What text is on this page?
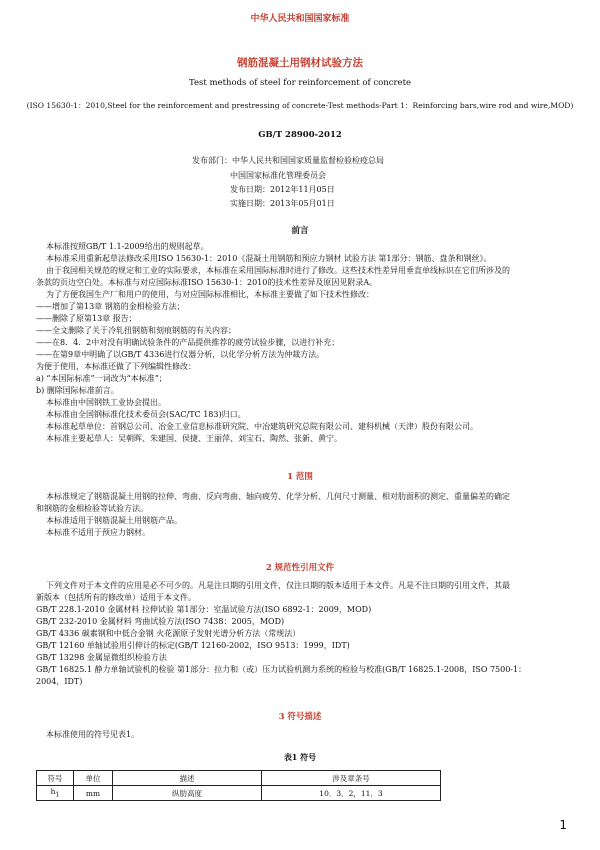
中华人民共和国国家标准
钢筋混凝土用钢材试验方法
Test methods of steel for reinforcement of concrete
(ISO 15630-1：2010,Steel for the reinforcement and prestressing of concrete-Test methods-Part 1：Reinforcing bars,wire rod and wire,MOD)
GB/T 28900-2012
发布部门：中华人民共和国国家质量监督检验检疫总局
中国国家标准化管理委员会
发布日期：2012年11月05日
实施日期：2013年05月01日
前言
本标准按照GB/T 1.1-2009给出的规则起草。
本标准采用重新起草法修改采用ISO 15630-1：2010《混凝土用钢筋和预应力钢材 试验方法 第1部分：钢筋、盘条和钢丝》。
由于我国相关规范的规定和工业的实际要求，本标准在采用国际标准时进行了修改。这些技术性差异用垂直单线标识在它们所涉及的
条款的页边空白处。本标准与对应国际标准ISO 15630-1：2010的技术性差异及原因见附录A。
为了方便我国生产厂和用户的使用，与对应国际标准相比，本标准主要做了如下技术性修改：
——增加了第13章 钢筋的金相检验方法；
——删除了原第13章 报告；
——全文删除了关于冷轧扭钢筋和刻痕钢筋的有关内容；
——在8．4．2中对没有明确试验条件的产品提供推荐的疲劳试验步骤，以进行补充；
——在第9章中明确了以GB/T 4336进行仪器分析，以化学分析方法为仲裁方法。
为便于使用，本标准还做了下列编辑性修改：
a) “本国际标准”一词改为“本标准”；
b) 删除国际标准前言。
本标准由中国钢铁工业协会提出。
本标准由全国钢标准化技术委员会(SAC/TC 183)归口。
本标准起草单位：首钢总公司、冶金工业信息标准研究院、中冶建筑研究总院有限公司、建科机械（天津）股份有限公司。
本标准主要起草人：吴朝晖、朱建国、侯捷、王丽萍、刘宝石、陶然、张新、黄宁。
1 范围
本标准规定了钢筋混凝土用钢的拉伸、弯曲、反向弯曲、轴向疲劳、化学分析、几何尺寸测量、相对肋面积的测定、重量偏差的确定
和钢筋的金相检验等试验方法。
本标准适用于钢筋混凝土用钢筋产品。
本标准不适用于预应力钢材。
2 规范性引用文件
下列文件对于本文件的应用是必不可少的。凡是注日期的引用文件，仅注日期的版本适用于本文件。凡是不注日期的引用文件，其最
新版本（包括所有的修改单）适用于本文件。
GB/T 228.1-2010 金属材料 拉伸试验 第1部分：室温试验方法(ISO 6892-1：2009，MOD)
GB/T 232-2010 金属材料 弯曲试验方法(ISO 7438：2005，MOD)
GB/T 4336 碳素钢和中低合金钢 火花源原子发射光谱分析方法（常规法）
GB/T 12160 单轴试验用引伸计的标定(GB/T 12160-2002，ISO 9513：1999，IDT)
GB/T 13298 金属显微组织检验方法
GB/T 16825.1 静力单轴试验机的检验 第1部分：拉力和（或）压力试验机测力系统的检验与校准(GB/T 16825.1-2008，ISO 7500-1：
2004，IDT)
3 符号描述
本标准使用的符号见表1。
表1 符号
符号	单位	描述	涉及章条号
$h_1$	mm	纵肋高度	10．3．2，11．3
1
